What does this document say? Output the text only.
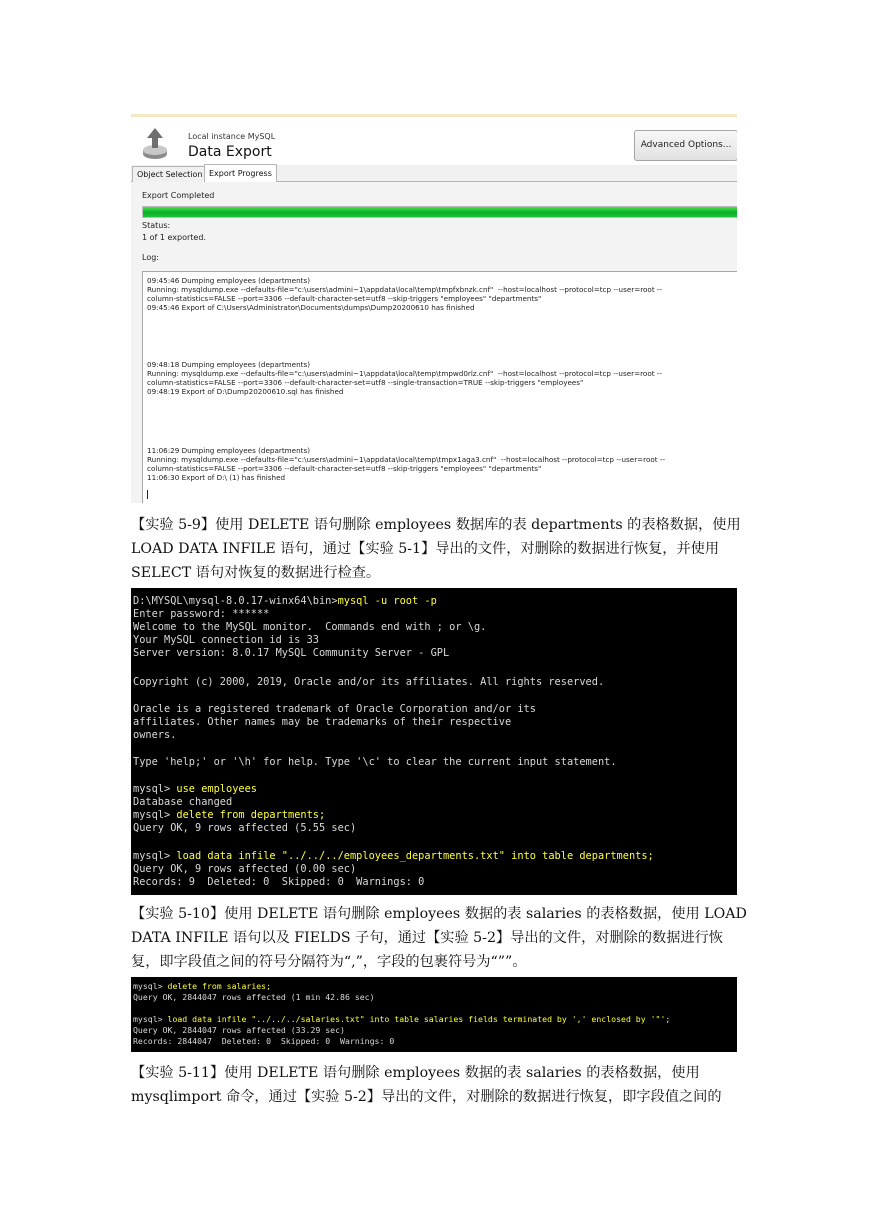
Local instance MySQL
Data Export	Advanced Options...
Object Selection Export Progress
Export Completed
Status:
1 of 1 exported.
Log:
09:45:46 Dumping employees (departments)
Running: mysqldump.exe --defaults-file="c:\users\admini~1\appdata\local\temp\tmpfxbnzk.cnf"  --host=localhost --protocol=tcp --user=root --
column-statistics=FALSE --port=3306 --default-character-set=utf8 --skip-triggers "employees" "departments"
09:45:46 Export of C:\Users\Administrator\Documents\dumps\Dump20200610 has finished
09:48:18 Dumping employees (departments)
Running: mysqldump.exe --defaults-file="c:\users\admini~1\appdata\local\temp\tmpwd0rlz.cnf"  --host=localhost --protocol=tcp --user=root --
column-statistics=FALSE --port=3306 --default-character-set=utf8 --single-transaction=TRUE --skip-triggers "employees"
09:48:19 Export of D:\Dump20200610.sql has finished
11:06:29 Dumping employees (departments)
Running: mysqldump.exe --defaults-file="c:\users\admini~1\appdata\local\temp\tmpx1aga3.cnf"  --host=localhost --protocol=tcp --user=root --
column-statistics=FALSE --port=3306 --default-character-set=utf8 --skip-triggers "employees" "departments"
11:06:30 Export of D:\ (1) has finished
【实验 5-9】使用 DELETE 语句删除 employees 数据库的表 departments 的表格数据，使用
LOAD DATA INFILE 语句，通过【实验 5-1】导出的文件，对删除的数据进行恢复，并使用
SELECT 语句对恢复的数据进行检查。
D:\MYSQL\mysql-8.0.17-winx64\bin>mysql -u root -p
Enter password: ******
Welcome to the MySQL monitor.  Commands end with ; or \g.
Your MySQL connection id is 33
Server version: 8.0.17 MySQL Community Server - GPL
Copyright (c) 2000, 2019, Oracle and/or its affiliates. All rights reserved.
Oracle is a registered trademark of Oracle Corporation and/or its
affiliates. Other names may be trademarks of their respective
owners.
Type 'help;' or '\h' for help. Type '\c' to clear the current input statement.
mysql> use employees
Database changed
mysql> delete from departments;
Query OK, 9 rows affected (5.55 sec)
mysql> load data infile "../../../employees_departments.txt" into table departments;
Query OK, 9 rows affected (0.00 sec)
Records: 9  Deleted: 0  Skipped: 0  Warnings: 0
【实验 5-10】使用 DELETE 语句删除 employees 数据的表 salaries 的表格数据，使用 LOAD
DATA INFILE 语句以及 FIELDS 子句，通过【实验 5-2】导出的文件，对删除的数据进行恢
复，即字段值之间的符号分隔符为“,”，字段的包裹符号为“””。
mysql> delete from salaries;
Query OK, 2844047 rows affected (1 min 42.86 sec)
mysql> load data infile "../../../salaries.txt" into table salaries fields terminated by ',' enclosed by '"';
Query OK, 2844047 rows affected (33.29 sec)
Records: 2844047  Deleted: 0  Skipped: 0  Warnings: 0
【实验 5-11】使用 DELETE 语句删除 employees 数据的表 salaries 的表格数据，使用
mysqlimport 命令，通过【实验 5-2】导出的文件，对删除的数据进行恢复，即字段值之间的
